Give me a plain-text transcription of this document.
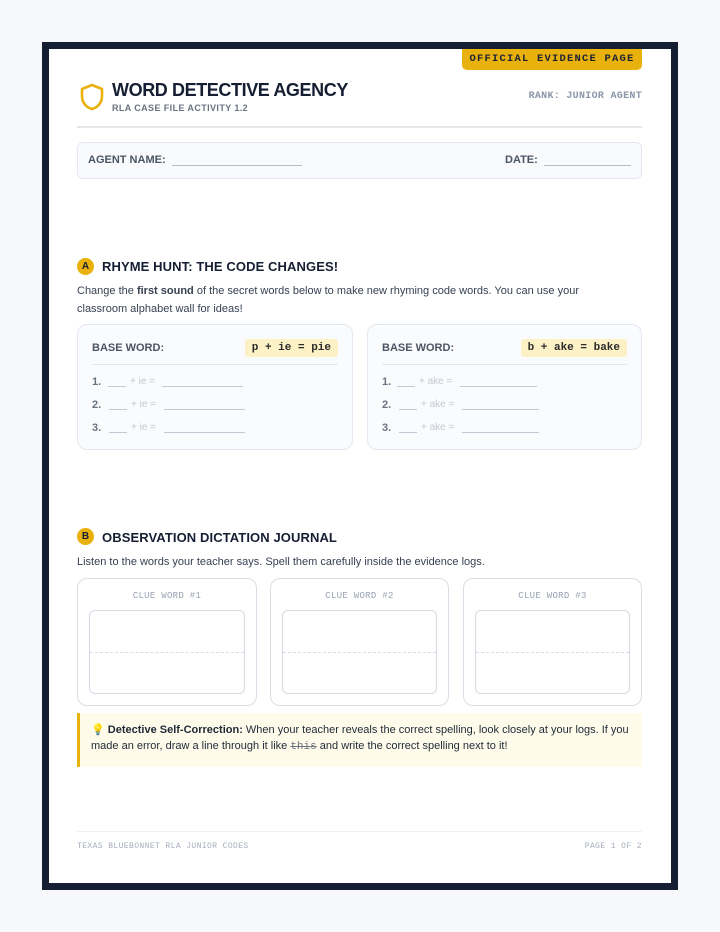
OFFICIAL EVIDENCE PAGE
WORD DETECTIVE AGENCY
RLA CASE FILE ACTIVITY 1.2
RANK: JUNIOR AGENT
AGENT NAME:	DATE:
A RHYME HUNT: THE CODE CHANGES!
Change the first sound of the secret words below to make new rhyming code words. You can use your classroom alphabet wall for ideas!
BASE WORD:	p + ie = pie
1.	+ ie =
2.	+ ie =
3.	+ ie =
BASE WORD:	b + ake = bake
1.	+ ake =
2.	+ ake =
3.	+ ake =
B OBSERVATION DICTATION JOURNAL
Listen to the words your teacher says. Spell them carefully inside the evidence logs.
CLUE WORD #1	CLUE WORD #2	CLUE WORD #3
💡 Detective Self-Correction: When your teacher reveals the correct spelling, look closely at your logs. If you made an error, draw a line through it like this and write the correct spelling next to it!
TEXAS BLUEBONNET RLA JUNIOR CODES	PAGE 1 OF 2
